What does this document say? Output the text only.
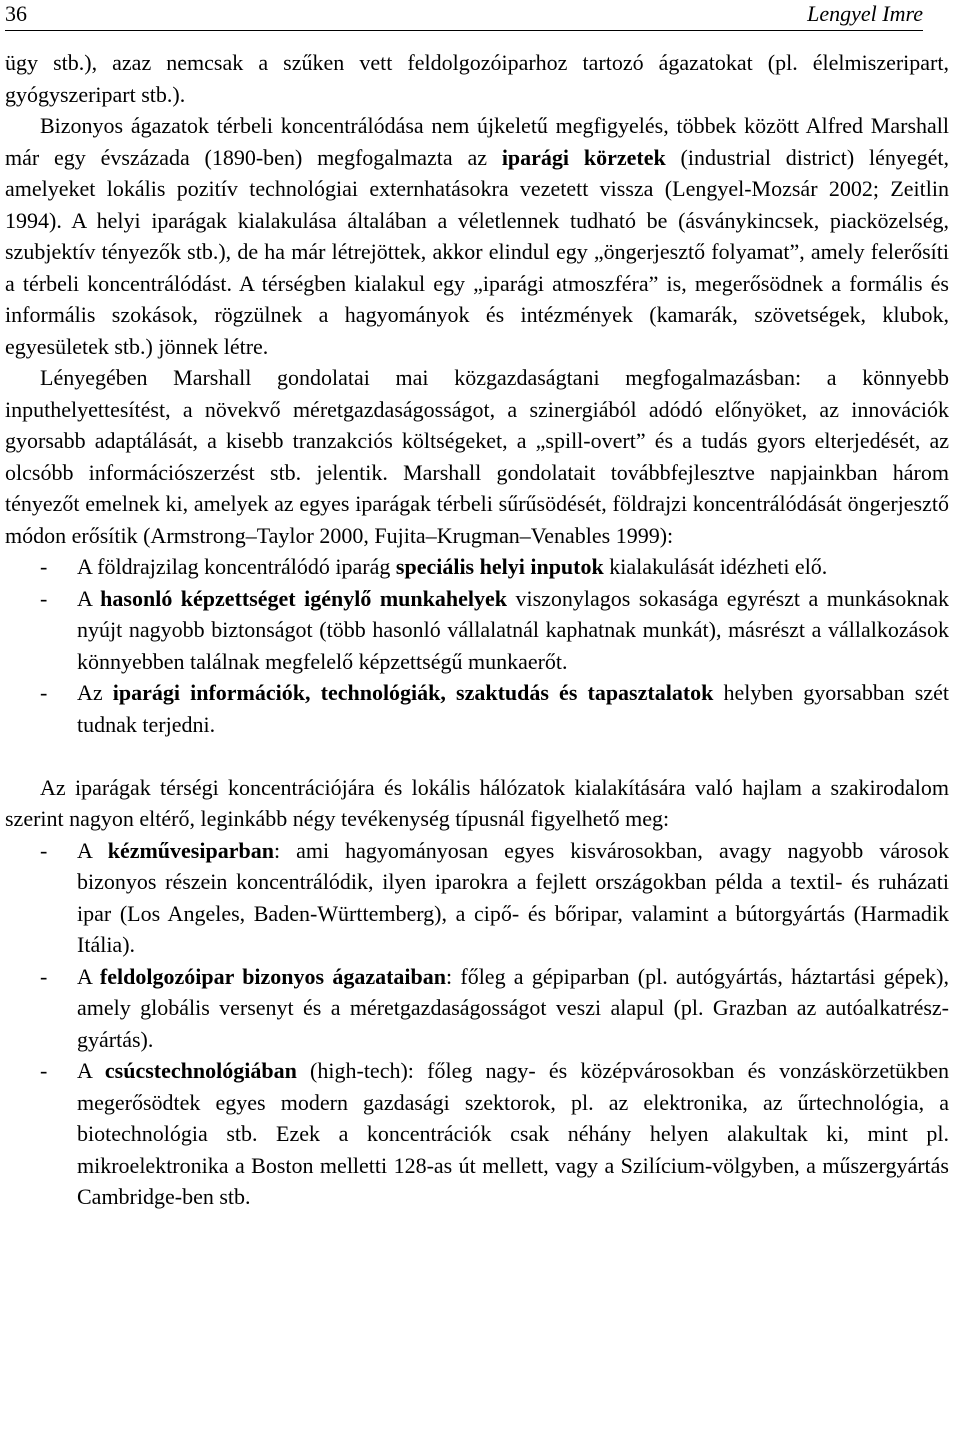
36	Lengyel Imre

ügy stb.), azaz nemcsak a szűken vett feldolgozóiparhoz tartozó ágazatokat (pl. élelmiszeripart, gyógyszeripart stb.).

Bizonyos ágazatok térbeli koncentrálódása nem újkeletű megfigyelés, többek között Alfred Marshall már egy évszázada (1890-ben) megfogalmazta az iparági körzetek (industrial district) lényegét, amelyeket lokális pozitív technológiai externhatásokra vezetett vissza (Lengyel-Mozsár 2002; Zeitlin 1994). A helyi iparágak kialakulása általában a véletlennek tudható be (ásványkincsek, piacközelség, szubjektív tényezők stb.), de ha már létrejöttek, akkor elindul egy „öngerjesztő folyamat”, amely felerősíti a térbeli koncentrálódást. A térségben kialakul egy „iparági atmoszféra” is, megerősödnek a formális és informális szokások, rögzülnek a hagyományok és intézmények (kamarák, szövetségek, klubok, egyesületek stb.) jönnek létre.

Lényegében Marshall gondolatai mai közgazdaságtani megfogalmazásban: a könnyebb inputhelyettesítést, a növekvő méretgazdaságosságot, a szinergiából adódó előnyöket, az innovációk gyorsabb adaptálását, a kisebb tranzakciós költségeket, a „spill-overt” és a tudás gyors elterjedését, az olcsóbb információszerzést stb. jelentik. Marshall gondolatait továbbfejlesztve napjainkban három tényezőt emelnek ki, amelyek az egyes iparágak térbeli sűrűsödését, földrajzi koncentrálódását öngerjesztő módon erősítik (Armstrong–Taylor 2000, Fujita–Krugman–Venables 1999):

- A földrajzilag koncentrálódó iparág speciális helyi inputok kialakulását idézheti elő.
- A hasonló képzettséget igénylő munkahelyek viszonylagos sokasága egyrészt a munkásoknak nyújt nagyobb biztonságot (több hasonló vállalatnál kaphatnak munkát), másrészt a vállalkozások könnyebben találnak megfelelő képzettségű munkaerőt.
- Az iparági információk, technológiák, szaktudás és tapasztalatok helyben gyorsabban szét tudnak terjedni.

Az iparágak térségi koncentrációjára és lokális hálózatok kialakítására való hajlam a szakirodalom szerint nagyon eltérő, leginkább négy tevékenység típusnál figyelhető meg:

- A kézművesiparban: ami hagyományosan egyes kisvárosokban, avagy nagyobb városok bizonyos részein koncentrálódik, ilyen iparokra a fejlett országokban példa a textil- és ruházati ipar (Los Angeles, Baden-Württemberg), a cipő- és bőripar, valamint a bútorgyártás (Harmadik Itália).
- A feldolgozóipar bizonyos ágazataiban: főleg a gépiparban (pl. autógyártás, háztartási gépek), amely globális versenyt és a méretgazdaságosságot veszi alapul (pl. Grazban az autóalkatrész-gyártás).
- A csúcstechnológiában (high-tech): főleg nagy- és középvárosokban és vonzáskörzetükben megerősödtek egyes modern gazdasági szektorok, pl. az elektronika, az űrtechnológia, a biotechnológia stb. Ezek a koncentrációk csak néhány helyen alakultak ki, mint pl. mikroelektronika a Boston melletti 128-as út mellett, vagy a Szilícium-völgyben, a műszergyártás Cambridge-ben stb.
